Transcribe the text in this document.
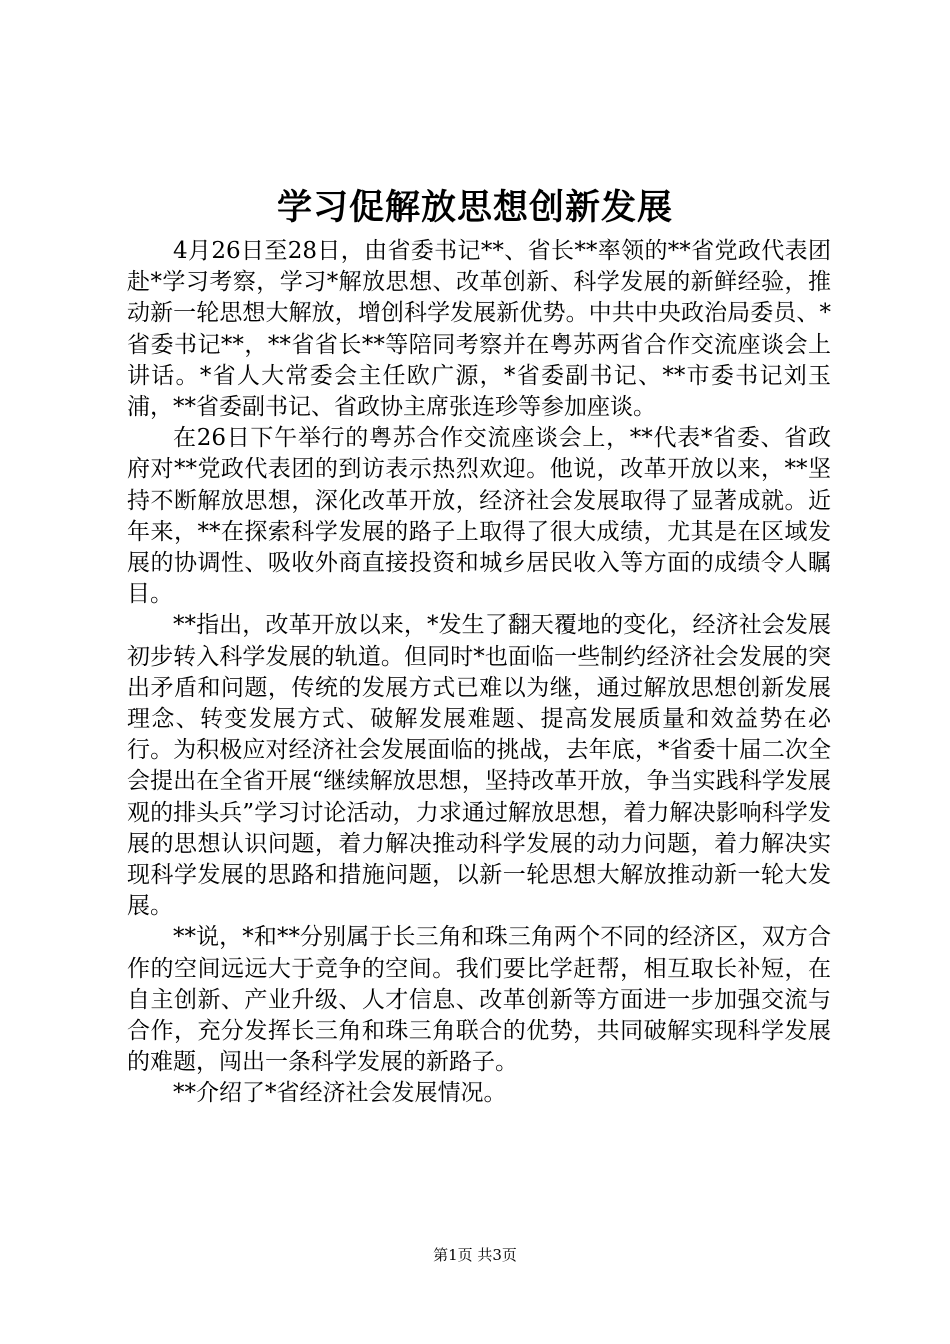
学习促解放思想创新发展

4月26日至28日，由省委书记**、省长**率领的**省党政代表团赴*学习考察，学习*解放思想、改革创新、科学发展的新鲜经验，推动新一轮思想大解放，增创科学发展新优势。中共中央政治局委员、*省委书记**，**省省长**等陪同考察并在粤苏两省合作交流座谈会上讲话。*省人大常委会主任欧广源，*省委副书记、**市委书记刘玉浦，**省委副书记、省政协主席张连珍等参加座谈。

在26日下午举行的粤苏合作交流座谈会上，**代表*省委、省政府对**党政代表团的到访表示热烈欢迎。他说，改革开放以来，**坚持不断解放思想，深化改革开放，经济社会发展取得了显著成就。近年来，**在探索科学发展的路子上取得了很大成绩，尤其是在区域发展的协调性、吸收外商直接投资和城乡居民收入等方面的成绩令人瞩目。

**指出，改革开放以来，*发生了翻天覆地的变化，经济社会发展初步转入科学发展的轨道。但同时*也面临一些制约经济社会发展的突出矛盾和问题，传统的发展方式已难以为继，通过解放思想创新发展理念、转变发展方式、破解发展难题、提高发展质量和效益势在必行。为积极应对经济社会发展面临的挑战，去年底，*省委十届二次全会提出在全省开展“继续解放思想，坚持改革开放，争当实践科学发展观的排头兵”学习讨论活动，力求通过解放思想，着力解决影响科学发展的思想认识问题，着力解决推动科学发展的动力问题，着力解决实现科学发展的思路和措施问题，以新一轮思想大解放推动新一轮大发展。

**说，*和**分别属于长三角和珠三角两个不同的经济区，双方合作的空间远远大于竞争的空间。我们要比学赶帮，相互取长补短，在自主创新、产业升级、人才信息、改革创新等方面进一步加强交流与合作，充分发挥长三角和珠三角联合的优势，共同破解实现科学发展的难题，闯出一条科学发展的新路子。

**介绍了*省经济社会发展情况。

第1页 共3页
